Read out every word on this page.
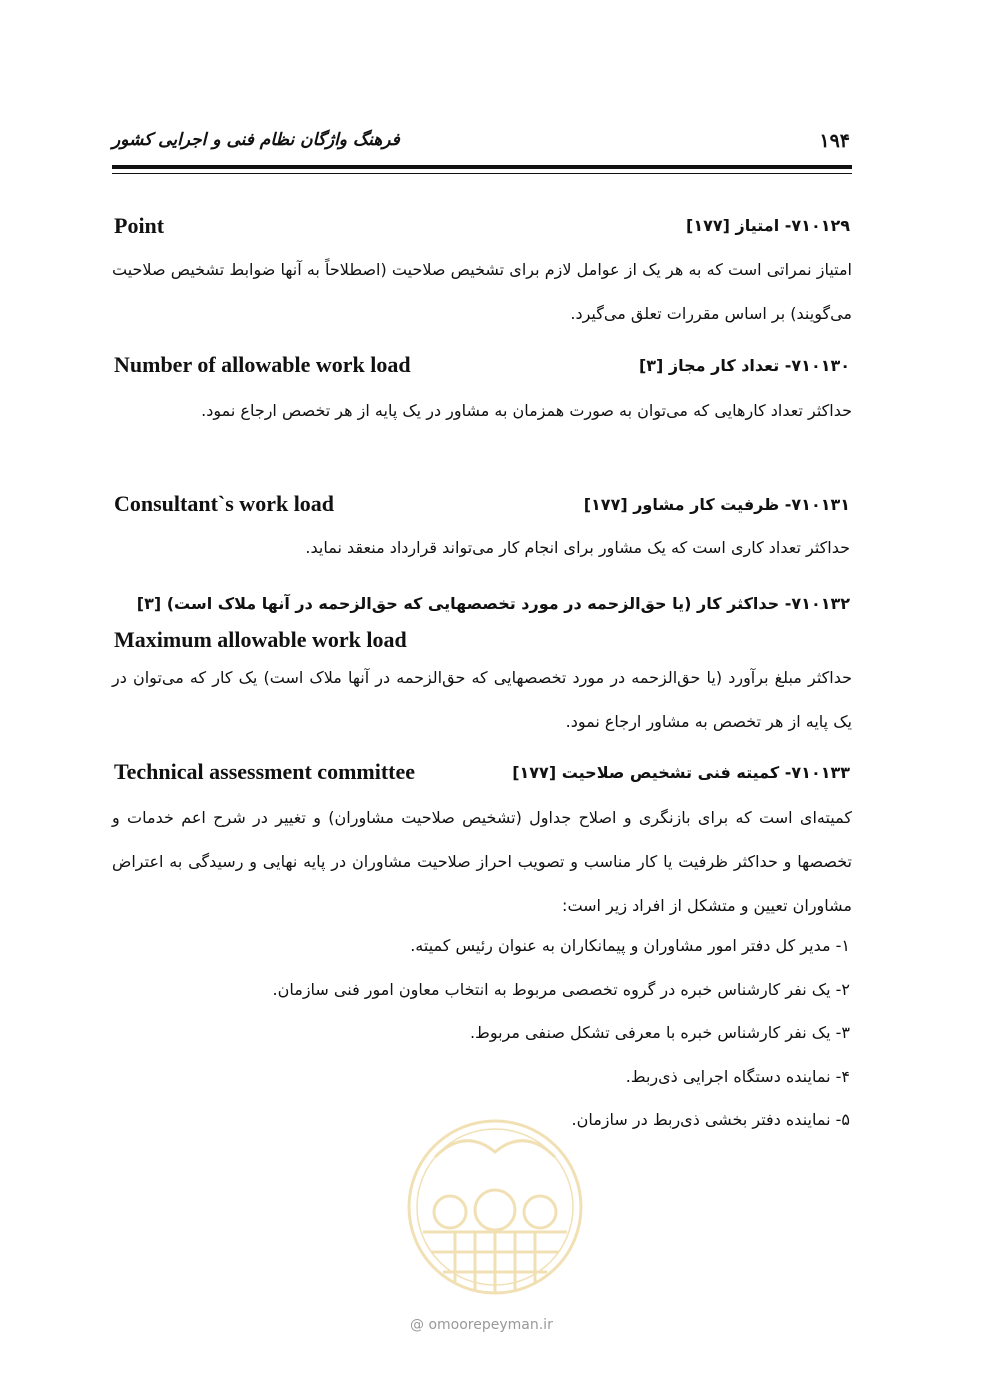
فرهنگ واژگان نظام فنی و اجرایی کشور	۱۹۴
۷۱۰۱۲۹- امتیاز [۱۷۷]
Point
امتیاز نمراتی است که به هر یک از عوامل لازم برای تشخیص صلاحیت (اصطلاحاً به آنها ضوابط تشخیص صلاحیت می‌گویند) بر اساس مقررات تعلق می‌گیرد.
۷۱۰۱۳۰- تعداد کار مجاز [۳]
Number of allowable work load
حداکثر تعداد کارهایی که می‌توان به صورت همزمان به مشاور در یک پایه از هر تخصص ارجاع نمود.
۷۱۰۱۳۱- ظرفیت کار مشاور [۱۷۷]
Consultant`s work load
حداکثر تعداد کاری است که یک مشاور برای انجام کار می‌تواند قرارداد منعقد نماید.
۷۱۰۱۳۲- حداکثر کار (یا حق‌الزحمه در مورد تخصصهایی که حق‌الزحمه در آنها ملاک است) [۳]
Maximum allowable work load
حداکثر مبلغ برآورد (یا حق‌الزحمه در مورد تخصصهایی که حق‌الزحمه در آنها ملاک است) یک کار که می‌توان در یک پایه از هر تخصص به مشاور ارجاع نمود.
۷۱۰۱۳۳- کمیته فنی تشخیص صلاحیت [۱۷۷]
Technical assessment committee
کمیته‌ای است که برای بازنگری و اصلاح جداول (تشخیص صلاحیت مشاوران) و تغییر در شرح اعم خدمات و تخصصها و حداکثر ظرفیت یا کار مناسب و تصویب احراز صلاحیت مشاوران در پایه نهایی و رسیدگی به اعتراض مشاوران تعیین و متشکل از افراد زیر است:
۱- مدیر کل دفتر امور مشاوران و پیمانکاران به عنوان رئیس کمیته.
۲- یک نفر کارشناس خبره در گروه تخصصی مربوط به انتخاب معاون امور فنی سازمان.
۳- یک نفر کارشناس خبره با معرفی تشکل صنفی مربوط.
۴- نماینده دستگاه اجرایی ذی‌ربط.
۵- نماینده دفتر بخشی ذی‌ربط در سازمان.
@ omoorepeyman.ir
